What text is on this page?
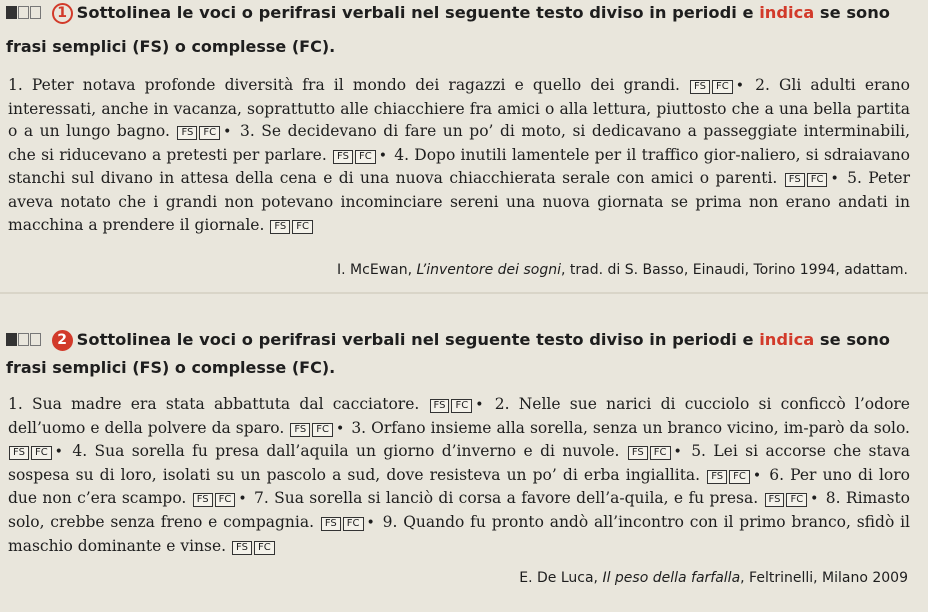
1 Sottolinea le voci o perifrasi verbali nel seguente testo diviso in periodi e indica se sono
frasi semplici (FS) o complesse (FC).
1. Peter notava profonde diversità fra il mondo dei ragazzi e quello dei grandi. FS FC • 2. Gli adulti erano interessati, anche in vacanza, soprattutto alle chiacchiere fra amici o alla lettura, piuttosto che a una bella partita o a un lungo bagno. FS FC • 3. Se decidevano di fare un po’ di moto, si dedicavano a passeggiate interminabili, che si riducevano a pretesti per parlare. FS FC • 4. Dopo inutili lamentele per il traffico gior-naliero, si sdraiavano stanchi sul divano in attesa della cena e di una nuova chiacchierata serale con amici o parenti. FS FC • 5. Peter aveva notato che i grandi non potevano incominciare sereni una nuova giornata se prima non erano andati in macchina a prendere il giornale. FS FC
I. McEwan, L’inventore dei sogni, trad. di S. Basso, Einaudi, Torino 1994, adattam.
2 Sottolinea le voci o perifrasi verbali nel seguente testo diviso in periodi e indica se sono
frasi semplici (FS) o complesse (FC).
1. Sua madre era stata abbattuta dal cacciatore. FS FC • 2. Nelle sue narici di cucciolo si conficcò l’odore dell’uomo e della polvere da sparo. FS FC • 3. Orfano insieme alla sorella, senza un branco vicino, im-parò da solo. FS FC • 4. Sua sorella fu presa dall’aquila un giorno d’inverno e di nuvole. FS FC • 5. Lei si accorse che stava sospesa su di loro, isolati su un pascolo a sud, dove resisteva un po’ di erba ingiallita. FS FC • 6. Per uno di loro due non c’era scampo. FS FC • 7. Sua sorella si lanciò di corsa a favore dell’a-quila, e fu presa. FS FC • 8. Rimasto solo, crebbe senza freno e compagnia. FS FC • 9. Quando fu pronto andò all’incontro con il primo branco, sfidò il maschio dominante e vinse. FS FC
E. De Luca, Il peso della farfalla, Feltrinelli, Milano 2009
